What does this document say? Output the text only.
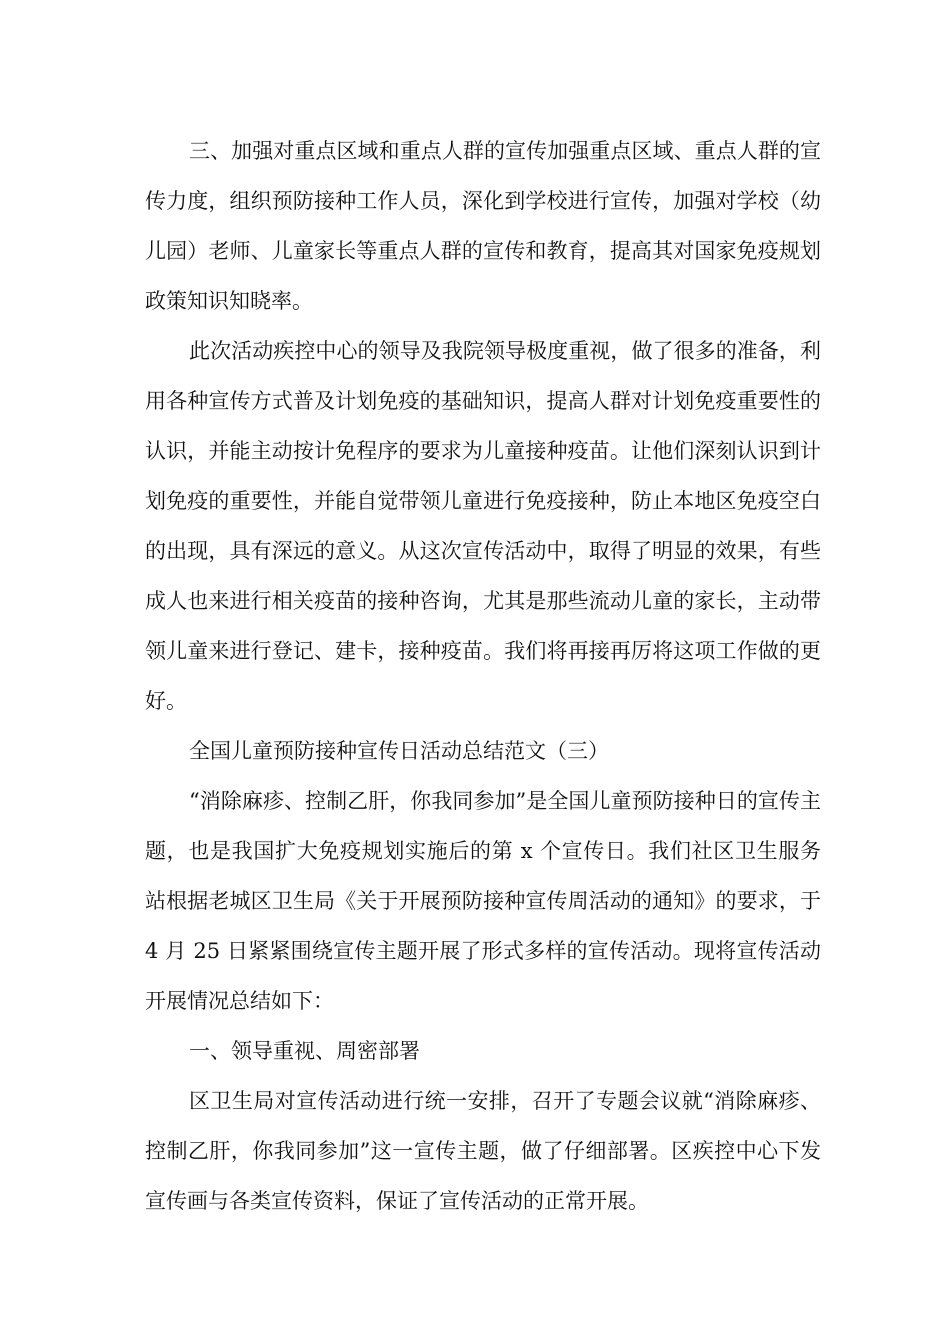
三、加强对重点区域和重点人群的宣传加强重点区域、重点人群的宣传力度，组织预防接种工作人员，深化到学校进行宣传，加强对学校（幼儿园）老师、儿童家长等重点人群的宣传和教育，提高其对国家免疫规划政策知识知晓率。

此次活动疾控中心的领导及我院领导极度重视，做了很多的准备，利用各种宣传方式普及计划免疫的基础知识，提高人群对计划免疫重要性的认识，并能主动按计免程序的要求为儿童接种疫苗。让他们深刻认识到计划免疫的重要性，并能自觉带领儿童进行免疫接种，防止本地区免疫空白的出现，具有深远的意义。从这次宣传活动中，取得了明显的效果，有些成人也来进行相关疫苗的接种咨询，尤其是那些流动儿童的家长，主动带领儿童来进行登记、建卡，接种疫苗。我们将再接再厉将这项工作做的更好。

全国儿童预防接种宣传日活动总结范文（三）

“消除麻疹、控制乙肝，你我同参加”是全国儿童预防接种日的宣传主题，也是我国扩大免疫规划实施后的第 x 个宣传日。我们社区卫生服务站根据老城区卫生局《关于开展预防接种宣传周活动的通知》的要求，于 4 月 25 日紧紧围绕宣传主题开展了形式多样的宣传活动。现将宣传活动开展情况总结如下：

一、领导重视、周密部署

区卫生局对宣传活动进行统一安排，召开了专题会议就“消除麻疹、控制乙肝，你我同参加”这一宣传主题，做了仔细部署。区疾控中心下发宣传画与各类宣传资料，保证了宣传活动的正常开展。
